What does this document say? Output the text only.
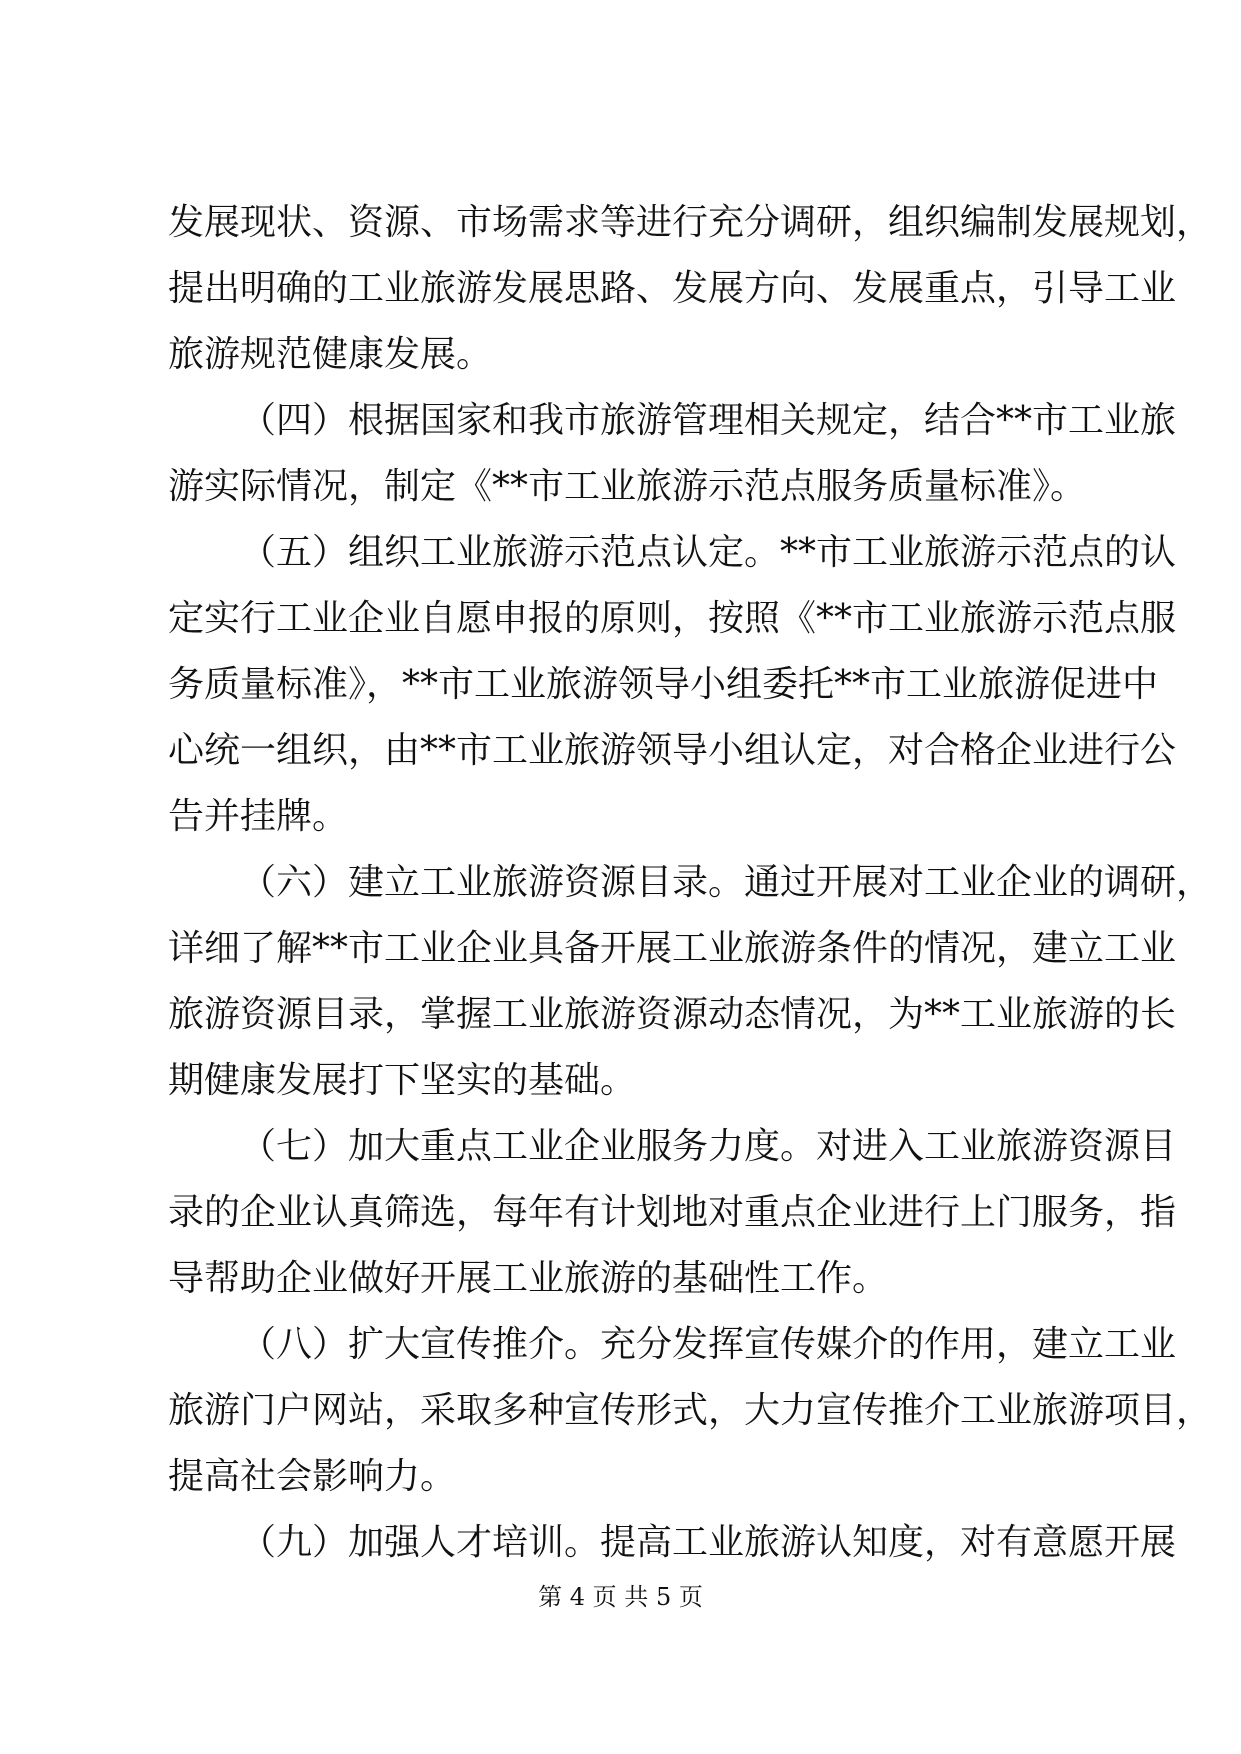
发展现状、资源、市场需求等进行充分调研，组织编制发展规划，
提出明确的工业旅游发展思路、发展方向、发展重点，引导工业
旅游规范健康发展。
（四）根据国家和我市旅游管理相关规定，结合**市工业旅
游实际情况，制定《**市工业旅游示范点服务质量标准》。
（五）组织工业旅游示范点认定。**市工业旅游示范点的认
定实行工业企业自愿申报的原则，按照《**市工业旅游示范点服
务质量标准》，**市工业旅游领导小组委托**市工业旅游促进中
心统一组织，由**市工业旅游领导小组认定，对合格企业进行公
告并挂牌。
（六）建立工业旅游资源目录。通过开展对工业企业的调研，
详细了解**市工业企业具备开展工业旅游条件的情况，建立工业
旅游资源目录，掌握工业旅游资源动态情况，为**工业旅游的长
期健康发展打下坚实的基础。
（七）加大重点工业企业服务力度。对进入工业旅游资源目
录的企业认真筛选，每年有计划地对重点企业进行上门服务，指
导帮助企业做好开展工业旅游的基础性工作。
（八）扩大宣传推介。充分发挥宣传媒介的作用，建立工业
旅游门户网站，采取多种宣传形式，大力宣传推介工业旅游项目，
提高社会影响力。
（九）加强人才培训。提高工业旅游认知度，对有意愿开展
第 4 页 共 5 页
